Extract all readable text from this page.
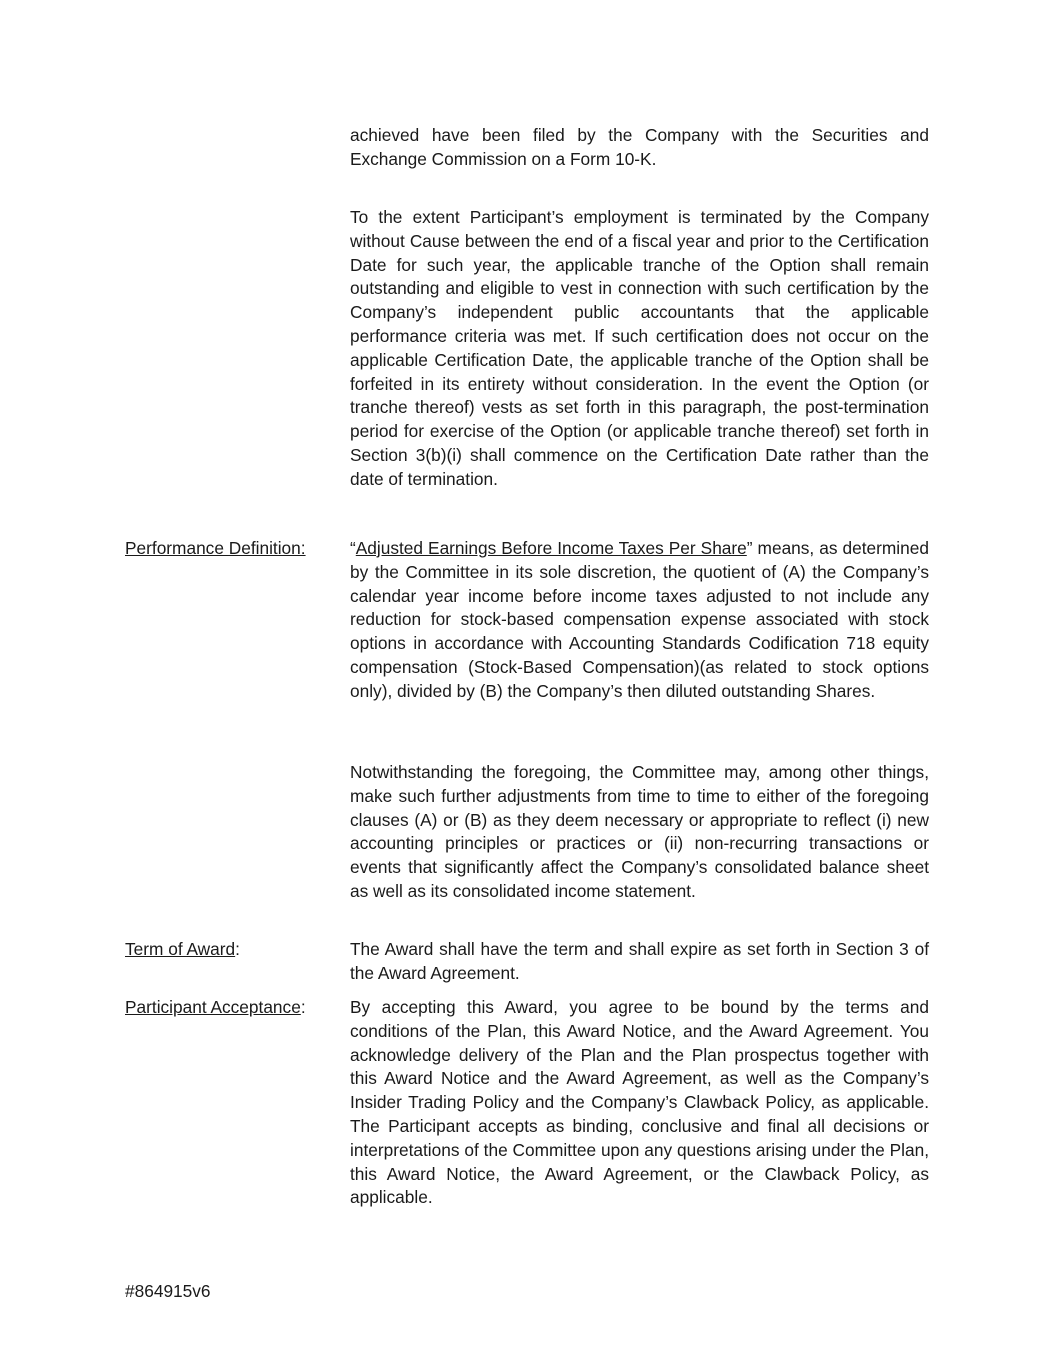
achieved have been filed by the Company with the Securities and Exchange Commission on a Form 10-K.

To the extent Participant’s employment is terminated by the Company without Cause between the end of a fiscal year and prior to the Certification Date for such year, the applicable tranche of the Option shall remain outstanding and eligible to vest in connection with such certification by the Company’s independent public accountants that the applicable performance criteria was met. If such certification does not occur on the applicable Certification Date, the applicable tranche of the Option shall be forfeited in its entirety without consideration. In the event the Option (or tranche thereof) vests as set forth in this paragraph, the post-termination period for exercise of the Option (or applicable tranche thereof) set forth in Section 3(b)(i) shall commence on the Certification Date rather than the date of termination.

Performance Definition:	“Adjusted Earnings Before Income Taxes Per Share” means, as determined by the Committee in its sole discretion, the quotient of (A) the Company’s calendar year income before income taxes adjusted to not include any reduction for stock-based compensation expense associated with stock options in accordance with Accounting Standards Codification 718 equity compensation (Stock-Based Compensation)(as related to stock options only), divided by (B) the Company’s then diluted outstanding Shares.

Notwithstanding the foregoing, the Committee may, among other things, make such further adjustments from time to time to either of the foregoing clauses (A) or (B) as they deem necessary or appropriate to reflect (i) new accounting principles or practices or (ii) non-recurring transactions or events that significantly affect the Company’s consolidated balance sheet as well as its consolidated income statement.

Term of Award:	The Award shall have the term and shall expire as set forth in Section 3 of the Award Agreement.

Participant Acceptance:	By accepting this Award, you agree to be bound by the terms and conditions of the Plan, this Award Notice, and the Award Agreement. You acknowledge delivery of the Plan and the Plan prospectus together with this Award Notice and the Award Agreement, as well as the Company’s Insider Trading Policy and the Company’s Clawback Policy, as applicable. The Participant accepts as binding, conclusive and final all decisions or interpretations of the Committee upon any questions arising under the Plan, this Award Notice, the Award Agreement, or the Clawback Policy, as applicable.

#864915v6
